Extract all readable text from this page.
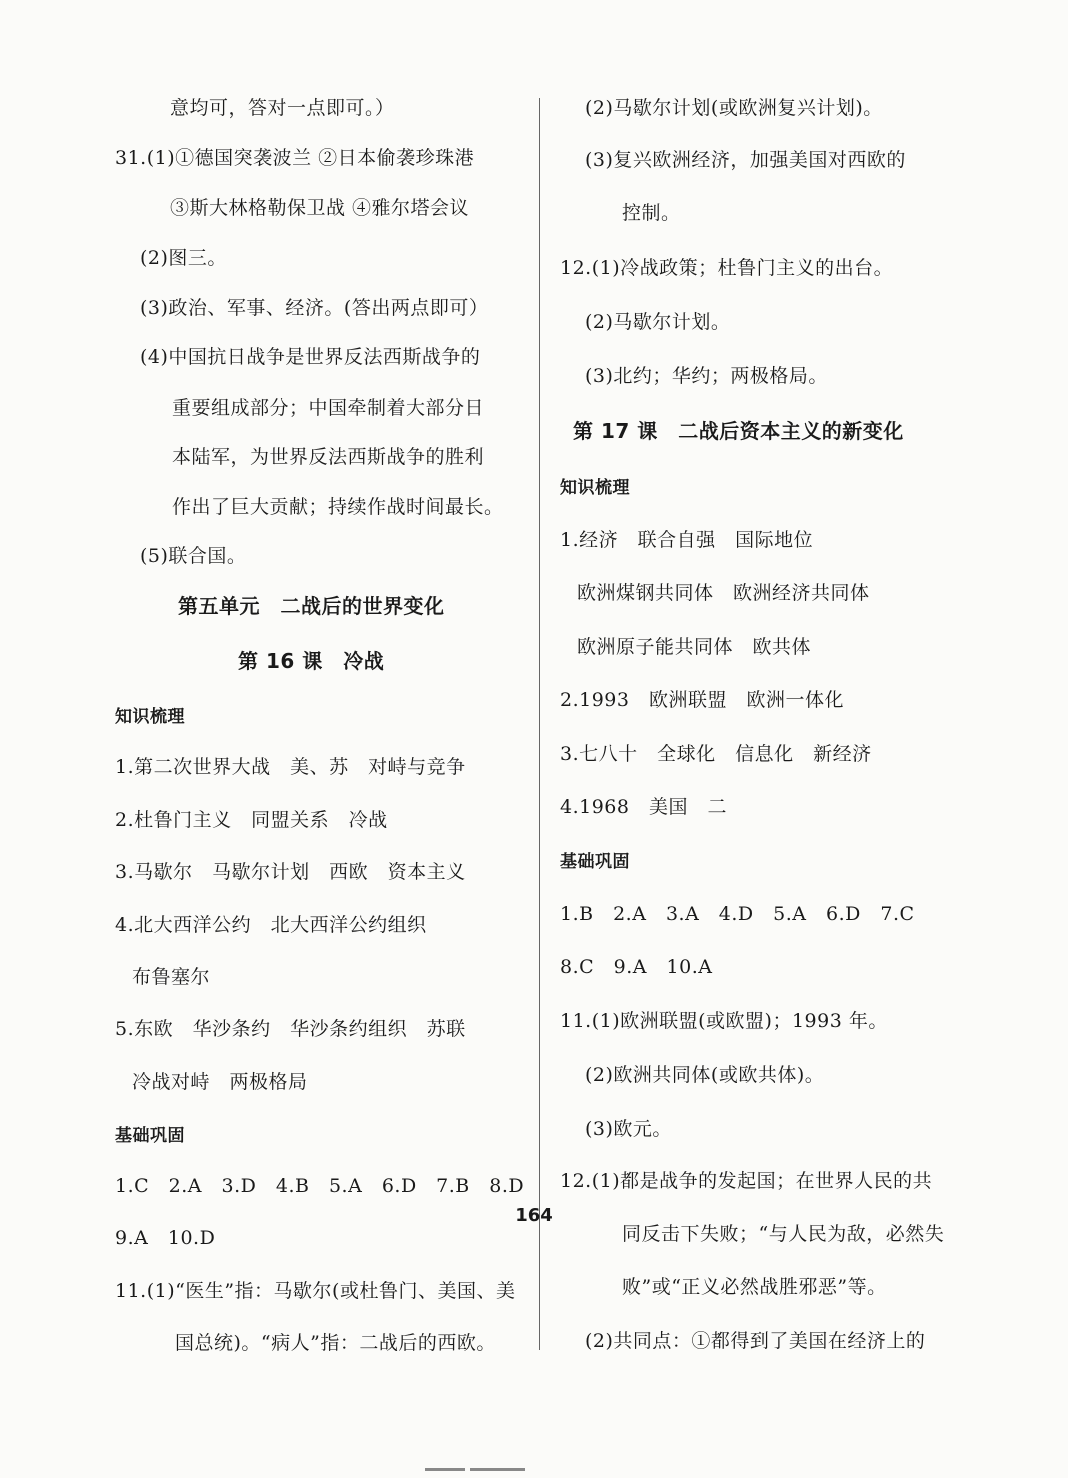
意均可，答对一点即可。）
31.(1)①德国突袭波兰 ②日本偷袭珍珠港
③斯大林格勒保卫战 ④雅尔塔会议
(2)图三。
(3)政治、军事、经济。(答出两点即可）
(4)中国抗日战争是世界反法西斯战争的
重要组成部分；中国牵制着大部分日
本陆军，为世界反法西斯战争的胜利
作出了巨大贡献；持续作战时间最长。
(5)联合国。
第五单元　二战后的世界变化
第 16 课　冷战
知识梳理
1.第二次世界大战　美、苏　对峙与竞争
2.杜鲁门主义　同盟关系　冷战
3.马歇尔　马歇尔计划　西欧　资本主义
4.北大西洋公约　北大西洋公约组织
布鲁塞尔
5.东欧　华沙条约　华沙条约组织　苏联
冷战对峙　两极格局
基础巩固
1.C　2.A　3.D　4.B　5.A　6.D　7.B　8.D
9.A　10.D
11.(1)“医生”指：马歇尔(或杜鲁门、美国、美
国总统)。“病人”指：二战后的西欧。
(2)马歇尔计划(或欧洲复兴计划)。
(3)复兴欧洲经济，加强美国对西欧的
控制。
12.(1)冷战政策；杜鲁门主义的出台。
(2)马歇尔计划。
(3)北约；华约；两极格局。
第 17 课　二战后资本主义的新变化
知识梳理
1.经济　联合自强　国际地位
欧洲煤钢共同体　欧洲经济共同体
欧洲原子能共同体　欧共体
2.1993　欧洲联盟　欧洲一体化
3.七八十　全球化　信息化　新经济
4.1968　美国　二
基础巩固
1.B　2.A　3.A　4.D　5.A　6.D　7.C
8.C　9.A　10.A
11.(1)欧洲联盟(或欧盟)；1993 年。
(2)欧洲共同体(或欧共体)。
(3)欧元。
12.(1)都是战争的发起国；在世界人民的共
同反击下失败；“与人民为敌，必然失
败”或“正义必然战胜邪恶”等。
(2)共同点：①都得到了美国在经济上的
164
